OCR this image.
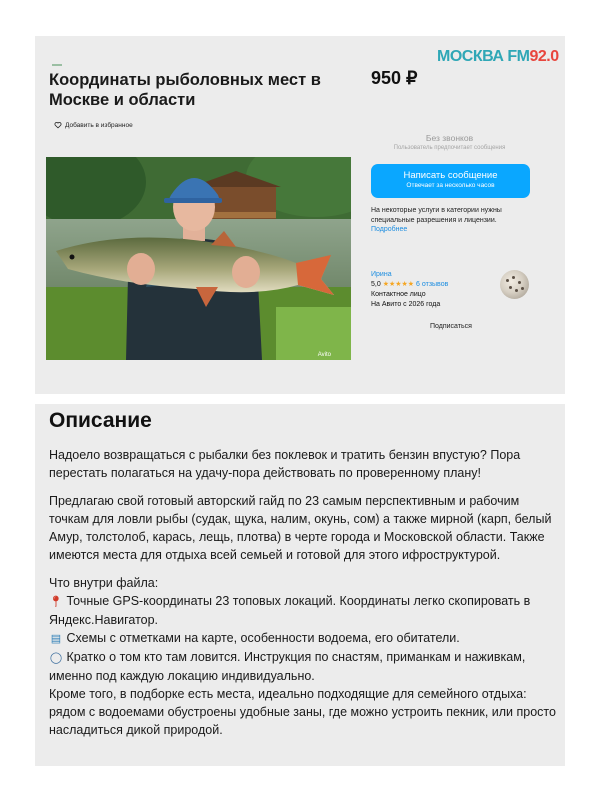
Координаты рыболовных мест в Москве и области
950 ₽
МОСКВА FM92.0
Добавить в избранное
Avito
Без звонков
Пользователь предпочитает сообщения
Написать сообщение
Отвечает за несколько часов
На некоторые услуги в категории нужны специальные разрешения и лицензии.
Подробнее
Ирина
5,0 ★★★★★ 6 отзывов
Контактное лицо
На Авито с 2026 года
Подписаться
Описание

Надоело возвращаться с рыбалки без поклевок и тратить бензин впустую? Пора перестать полагаться на удачу-пора действовать по проверенному плану!

Предлагаю свой готовый авторский гайд по 23 самым перспективным и рабочим точкам для ловли рыбы (судак, щука, налим, окунь, сом) а также мирной (карп, белый Амур, толстолоб, карась, лещь, плотва) в черте города и Московской области. Также имеются места для отдыха всей семьей и готовой для этого ифроструктурой.

Что внутри файла:

📍︎ Точные GPS-координаты 23 топовых локаций. Координаты легко скопировать в Яндекс.Навигатор.

▤ Схемы с отметками на карте, особенности водоема, его обитатели.

◯ Кратко о том кто там ловится. Инструкция по снастям, приманкам и наживкам, именно под каждую локацию индивидуально.

Кроме того, в подборке есть места, идеально подходящие для семейного отдыха: рядом с водоемами обустроены удобные заны, где можно устроить пекник, или просто насладиться дикой природой.
